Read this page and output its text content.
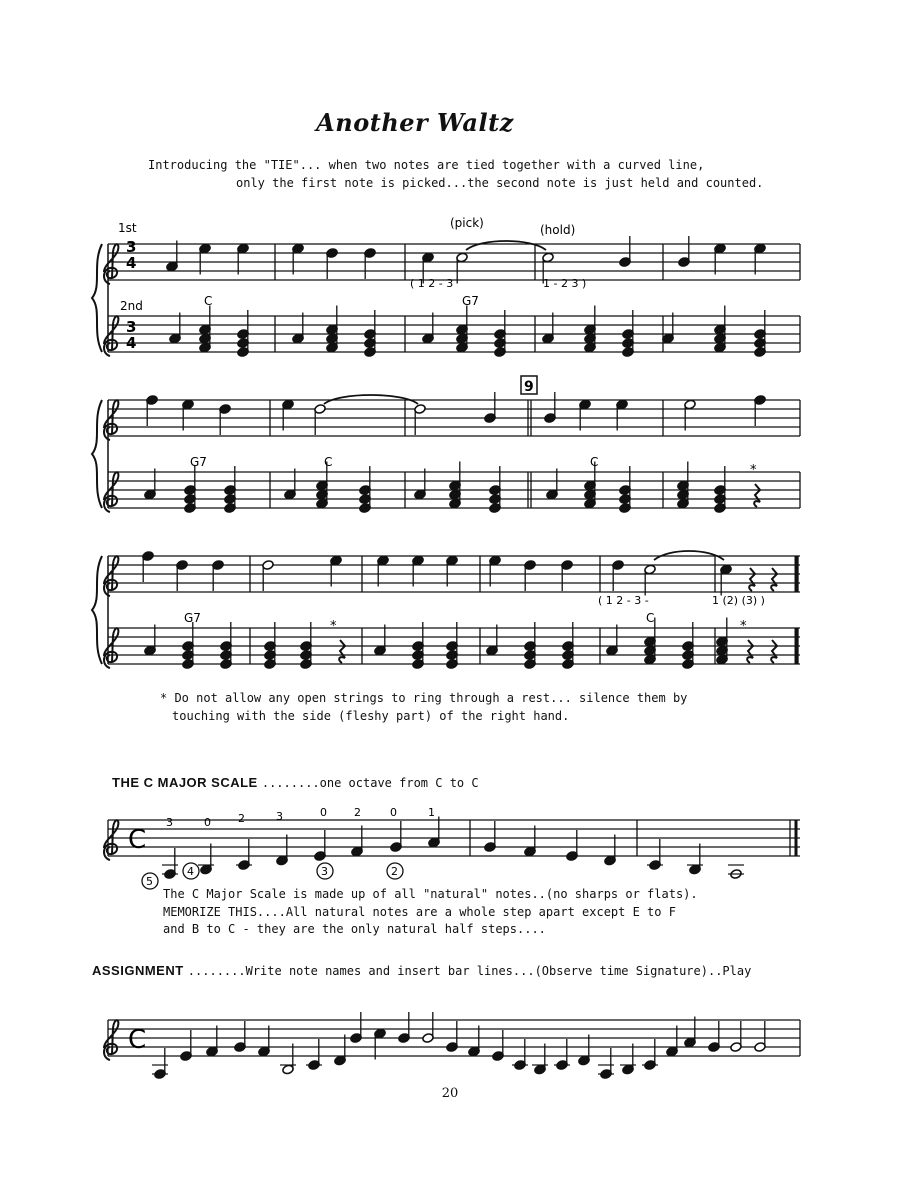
Another Waltz
Introducing the "TIE"... when two notes are tied together with a curved line,
only the first note is picked...the second note is just held and counted.
C
C
1st
2nd
(pick)	(hold)
( 1 2 - 3	1 - 2 3 )
( 1 2 - 3 -	1 (2) (3) )
9
C	G7
G7	C	C
G7	C
*
*	*
3
4
3
4
3	0 2	3	0 2	0	1
5
4	3	2
* Do not allow any open strings to ring through a rest... silence them by
touching with the side (fleshy part) of the right hand.
THE C MAJOR SCALE ........one octave from C to C
The C Major Scale is made up of all "natural" notes..(no sharps or flats).
MEMORIZE THIS....All natural notes are a whole step apart except E to F
and B to C - they are the only natural half steps....
ASSIGNMENT ........Write note names and insert bar lines...(Observe time Signature)..Play
20
